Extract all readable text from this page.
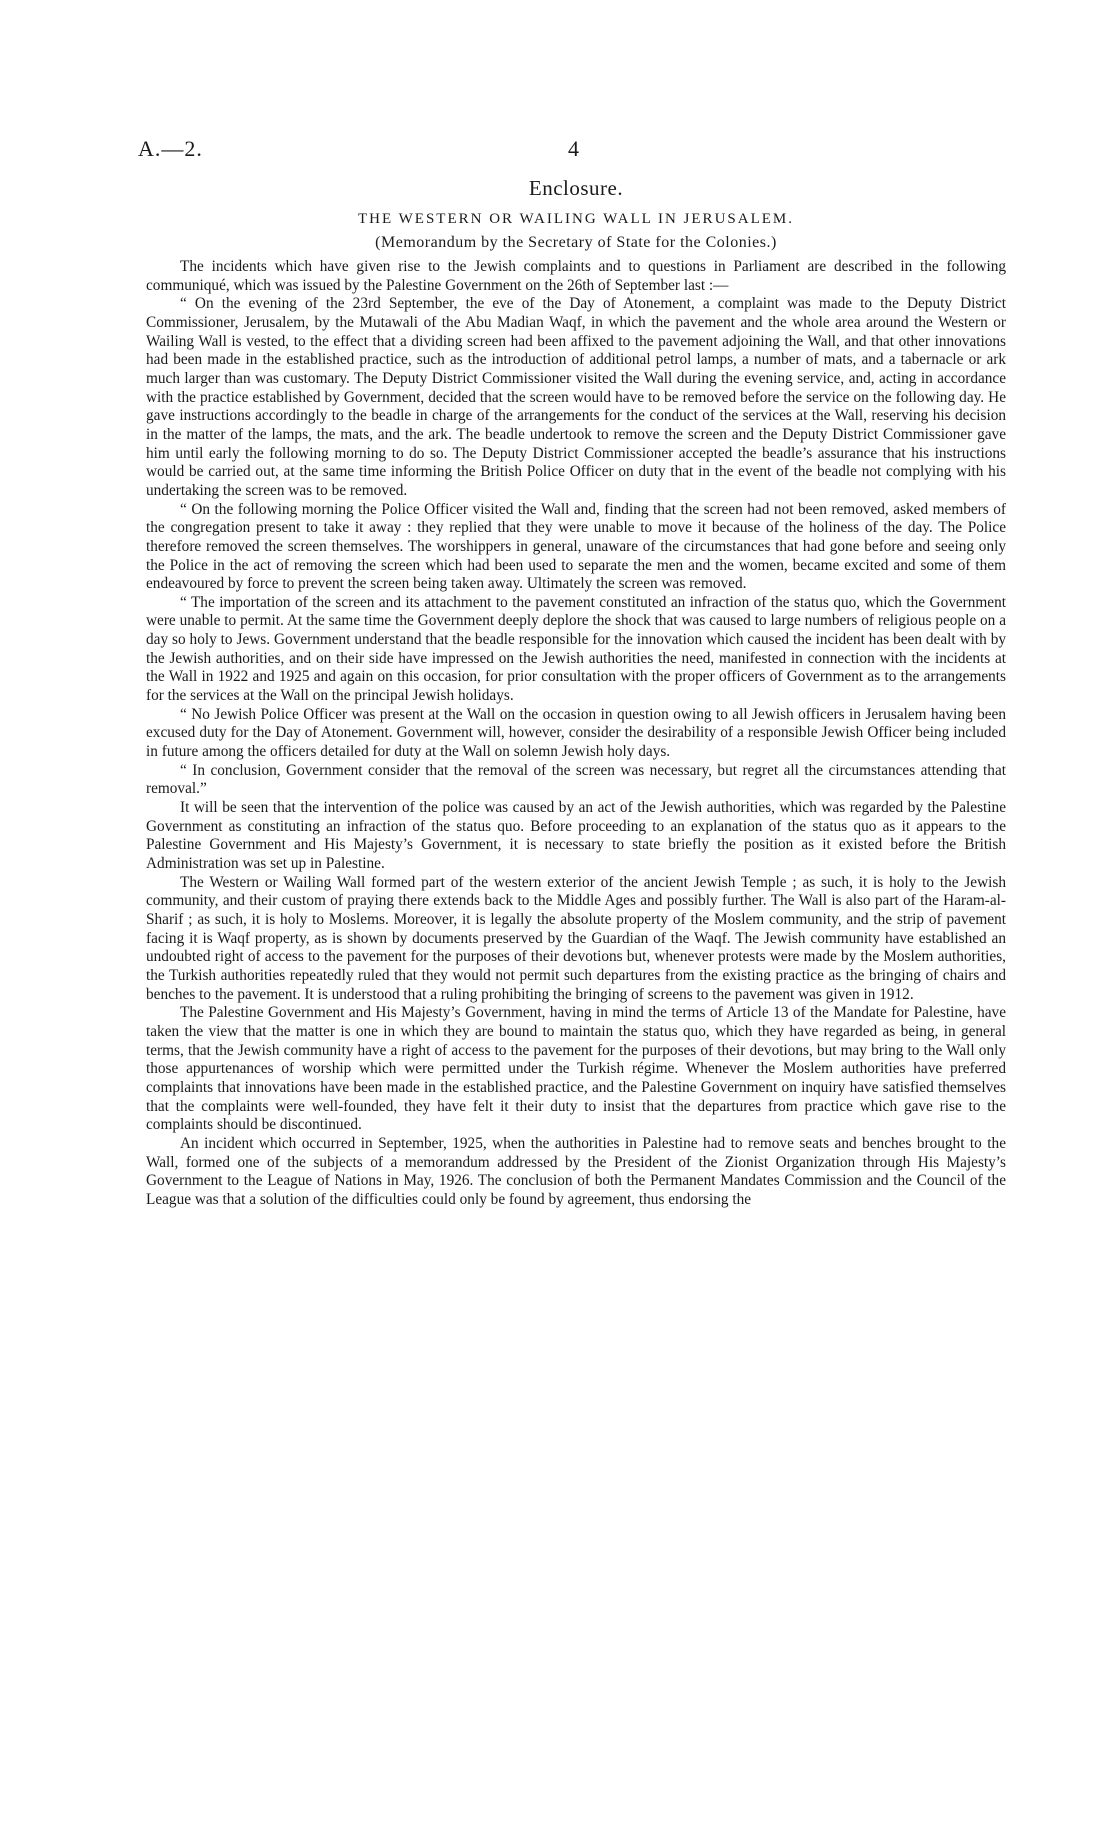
A.—2.	4
Enclosure.
THE WESTERN OR WAILING WALL IN JERUSALEM.
(Memorandum by the Secretary of State for the Colonies.)

The incidents which have given rise to the Jewish complaints and to questions in Parliament are described in the following communiqué, which was issued by the Palestine Government on the 26th of September last :—

“ On the evening of the 23rd September, the eve of the Day of Atonement, a complaint was made to the Deputy District Commissioner, Jerusalem, by the Mutawali of the Abu Madian Waqf, in which the pavement and the whole area around the Western or Wailing Wall is vested, to the effect that a dividing screen had been affixed to the pavement adjoining the Wall, and that other innovations had been made in the established practice, such as the introduction of additional petrol lamps, a number of mats, and a tabernacle or ark much larger than was customary. The Deputy District Commissioner visited the Wall during the evening service, and, acting in accordance with the practice established by Government, decided that the screen would have to be removed before the service on the following day. He gave instructions accordingly to the beadle in charge of the arrangements for the conduct of the services at the Wall, reserving his decision in the matter of the lamps, the mats, and the ark. The beadle undertook to remove the screen and the Deputy District Commissioner gave him until early the following morning to do so. The Deputy District Commissioner accepted the beadle’s assurance that his instructions would be carried out, at the same time informing the British Police Officer on duty that in the event of the beadle not complying with his undertaking the screen was to be removed.

“ On the following morning the Police Officer visited the Wall and, finding that the screen had not been removed, asked members of the congregation present to take it away : they replied that they were unable to move it because of the holiness of the day. The Police therefore removed the screen themselves. The worshippers in general, unaware of the circumstances that had gone before and seeing only the Police in the act of removing the screen which had been used to separate the men and the women, became excited and some of them endeavoured by force to prevent the screen being taken away. Ultimately the screen was removed.

“ The importation of the screen and its attachment to the pavement constituted an infraction of the status quo, which the Government were unable to permit. At the same time the Government deeply deplore the shock that was caused to large numbers of religious people on a day so holy to Jews. Government understand that the beadle responsible for the innovation which caused the incident has been dealt with by the Jewish authorities, and on their side have impressed on the Jewish authorities the need, manifested in connection with the incidents at the Wall in 1922 and 1925 and again on this occasion, for prior consultation with the proper officers of Government as to the arrangements for the services at the Wall on the principal Jewish holidays.

“ No Jewish Police Officer was present at the Wall on the occasion in question owing to all Jewish officers in Jerusalem having been excused duty for the Day of Atonement. Government will, however, consider the desirability of a responsible Jewish Officer being included in future among the officers detailed for duty at the Wall on solemn Jewish holy days.

“ In conclusion, Government consider that the removal of the screen was necessary, but regret all the circumstances attending that removal.”

It will be seen that the intervention of the police was caused by an act of the Jewish authorities, which was regarded by the Palestine Government as constituting an infraction of the status quo. Before proceeding to an explanation of the status quo as it appears to the Palestine Government and His Majesty’s Government, it is necessary to state briefly the position as it existed before the British Administration was set up in Palestine.

The Western or Wailing Wall formed part of the western exterior of the ancient Jewish Temple ; as such, it is holy to the Jewish community, and their custom of praying there extends back to the Middle Ages and possibly further. The Wall is also part of the Haram-al-Sharif ; as such, it is holy to Moslems. Moreover, it is legally the absolute property of the Moslem community, and the strip of pavement facing it is Waqf property, as is shown by documents preserved by the Guardian of the Waqf. The Jewish community have established an undoubted right of access to the pavement for the purposes of their devotions but, whenever protests were made by the Moslem authorities, the Turkish authorities repeatedly ruled that they would not permit such departures from the existing practice as the bringing of chairs and benches to the pavement. It is understood that a ruling prohibiting the bringing of screens to the pavement was given in 1912.

The Palestine Government and His Majesty’s Government, having in mind the terms of Article 13 of the Mandate for Palestine, have taken the view that the matter is one in which they are bound to maintain the status quo, which they have regarded as being, in general terms, that the Jewish community have a right of access to the pavement for the purposes of their devotions, but may bring to the Wall only those appurtenances of worship which were permitted under the Turkish régime. Whenever the Moslem authorities have preferred complaints that innovations have been made in the established practice, and the Palestine Government on inquiry have satisfied themselves that the complaints were well-founded, they have felt it their duty to insist that the departures from practice which gave rise to the complaints should be discontinued.

An incident which occurred in September, 1925, when the authorities in Palestine had to remove seats and benches brought to the Wall, formed one of the subjects of a memorandum addressed by the President of the Zionist Organization through His Majesty’s Government to the League of Nations in May, 1926. The conclusion of both the Permanent Mandates Commission and the Council of the League was that a solution of the difficulties could only be found by agreement, thus endorsing the
